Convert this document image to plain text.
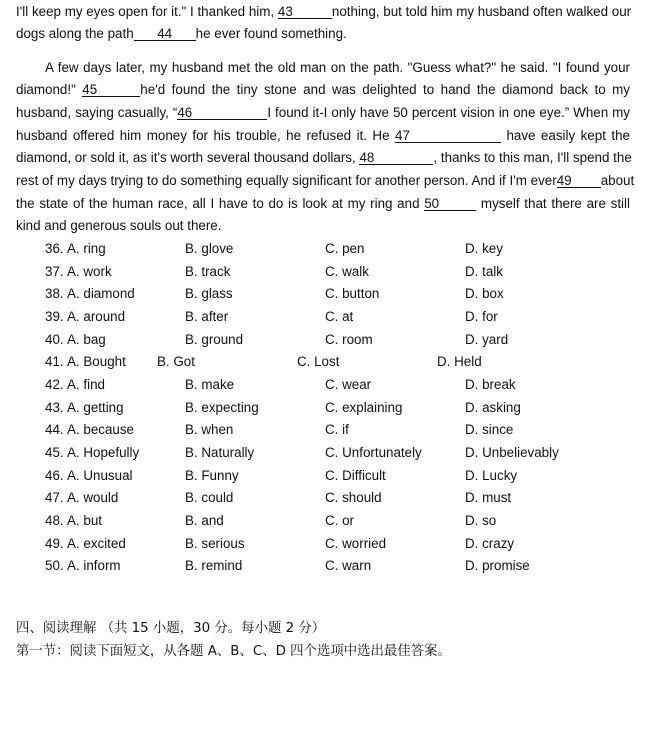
I'll keep my eyes open for it." I thanked him, 43	nothing, but told him my husband often walked our
dogs along the path 44 he ever found something.
A few days later, my husband met the old man on the path. "Guess what?" he said. "I found your
diamond!" 45	he'd found the tiny stone and was delighted to hand the diamond back to my
husband, saying casually, “46	I found it-I only have 50 percent vision in one eye.” When my
husband offered him money for his trouble, he refused it. He 47	have easily kept the
diamond, or sold it, as it's worth several thousand dollars, 48	, thanks to this man, I'll spend the
rest of my days trying to do something equally significant for another person. And if I'm ever49 about
the state of the human race, all I have to do is look at my ring and 50	myself that there are still
kind and generous souls out there.
36. A. ring	B. glove	C. pen	D. key
37. A. work	B. track	C. walk	D. talk
38. A. diamond	B. glass	C. button	D. box
39. A. around	B. after	C. at	D. for
40. A. bag	B. ground	C. room	D. yard
41. A. Bought B. Got	C. Lost	D. Held
42. A. find	B. make	C. wear	D. break
43. A. getting	B. expecting	C. explaining	D. asking
44. A. because	B. when	C. if	D. since
45. A. Hopefully	B. Naturally	C. Unfortunately	D. Unbelievably
46. A. Unusual	B. Funny	C. Difficult	D. Lucky
47. A. would	B. could	C. should	D. must
48. A. but	B. and	C. or	D. so
49. A. excited	B. serious	C. worried	D. crazy
50. A. inform	B. remind	C. warn	D. promise
四、阅读理解 （共 15 小题，30 分。每小题 2 分）
第一节：阅读下面短文，从各题 A、B、C、D 四个选项中选出最佳答案。
